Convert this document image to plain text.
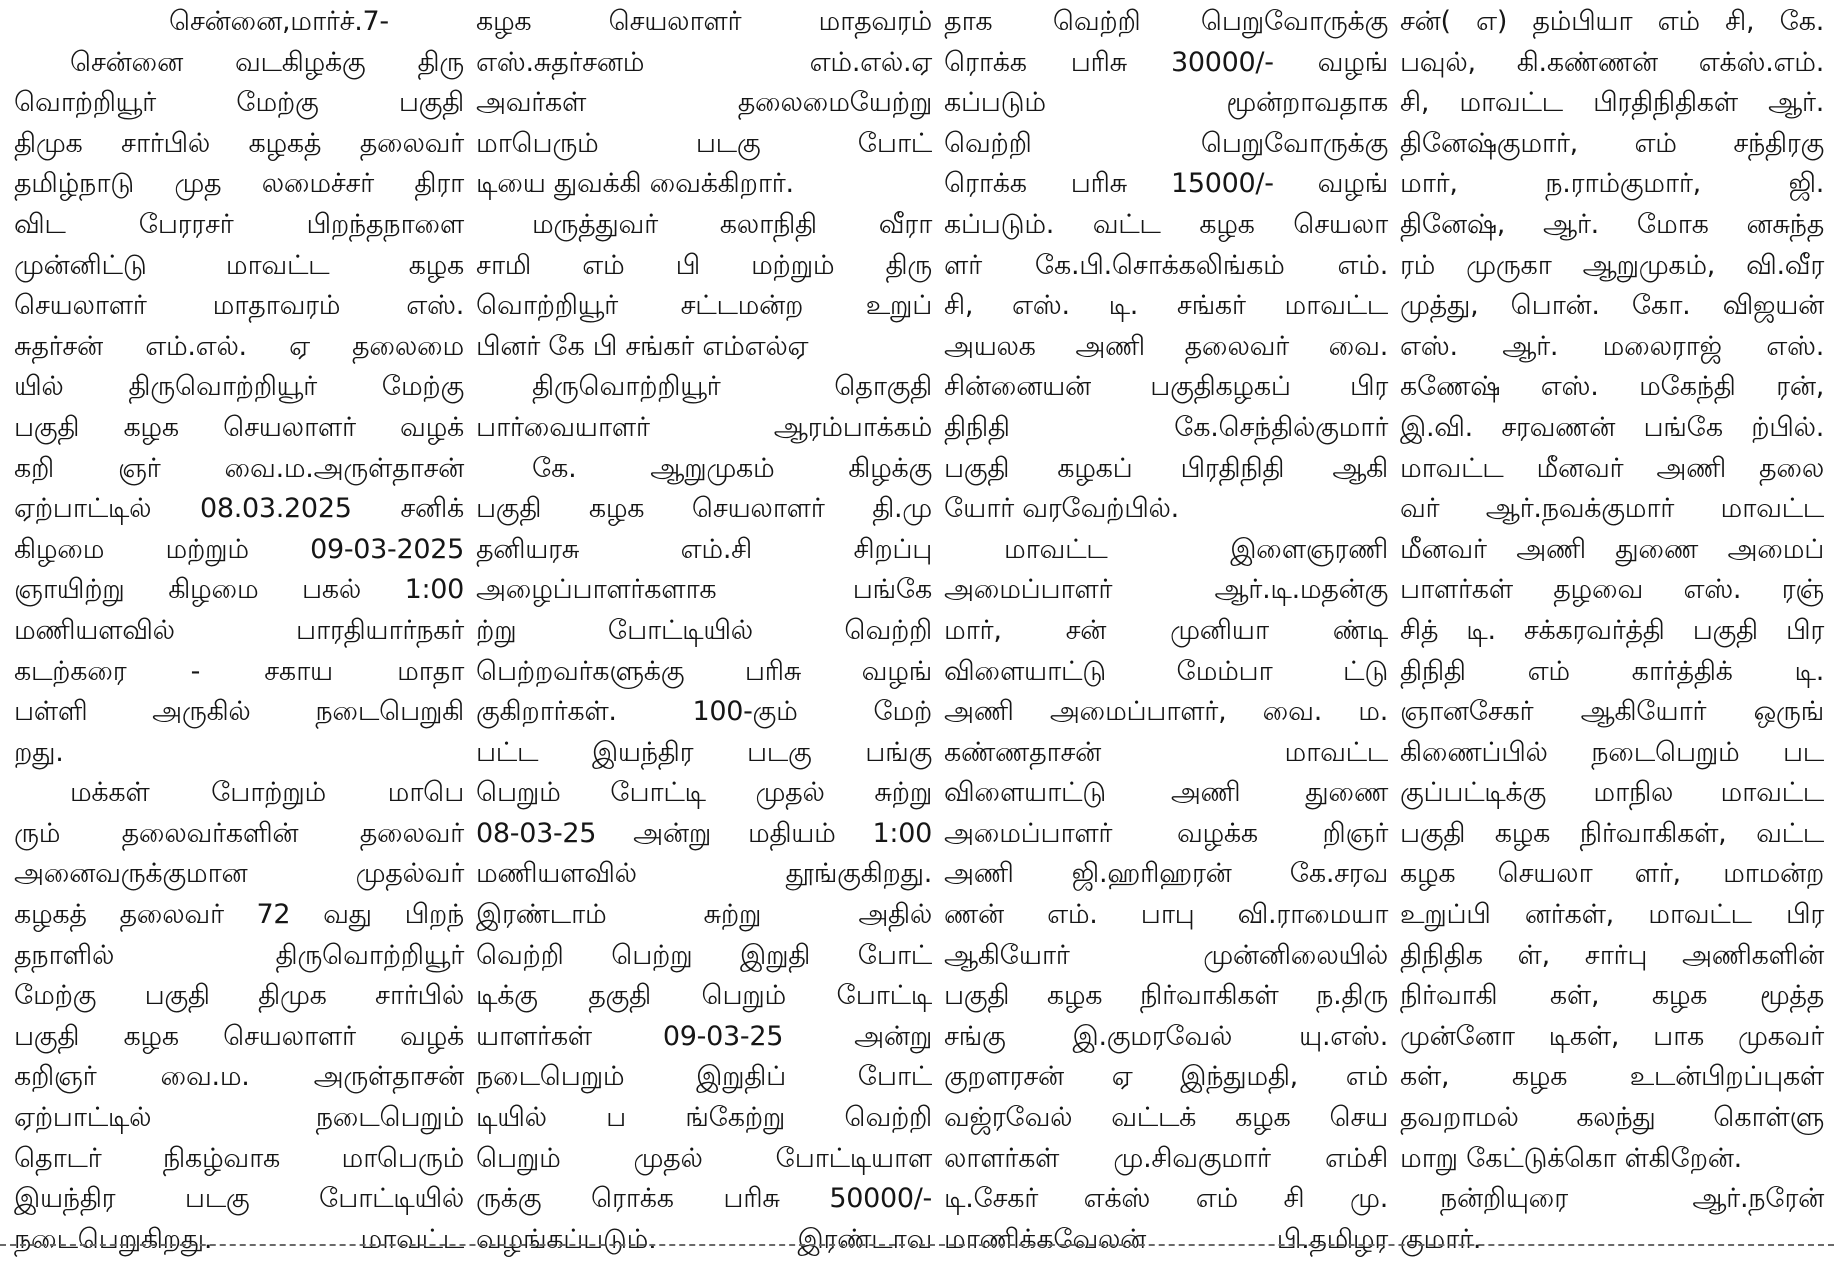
சென்னை,மார்ச்.7-
சென்னை வடகிழக்கு திரு
வொற்றியூர் மேற்கு பகுதி
திமுக சார்பில் கழகத் தலைவர்
தமிழ்நாடு முத லமைச்சர் திரா
விட பேரரசர் பிறந்தநாளை
முன்னிட்டு மாவட்ட கழக
செயலாளர் மாதாவரம் எஸ்.
சுதர்சன் எம்.எல். ஏ தலைமை
யில் திருவொற்றியூர் மேற்கு
பகுதி கழக செயலாளர் வழக்
கறி ஞர் வை.ம.அருள்தாசன்
ஏற்பாட்டில் 08.03.2025 சனிக்
கிழமை மற்றும் 09-03-2025
ஞாயிற்று கிழமை பகல் 1:00
மணியளவில் பாரதியார்நகர்
கடற்கரை - சகாய மாதா
பள்ளி அருகில் நடைபெறுகி
றது.
மக்கள் போற்றும் மாபெ
ரும் தலைவர்களின் தலைவர்
அனைவருக்குமான முதல்வர்
கழகத் தலைவர் 72 வது பிறந்
தநாளில் திருவொற்றியூர்
மேற்கு பகுதி திமுக சார்பில்
பகுதி கழக செயலாளர் வழக்
கறிஞர் வை.ம. அருள்தாசன்
ஏற்பாட்டில் நடைபெறும்
தொடர் நிகழ்வாக மாபெரும்
இயந்திர படகு போட்டியில்
நடைபெறுகிறது. மாவட்ட
கழக செயலாளர் மாதவரம்
எஸ்.சுதர்சனம் எம்.எல்.ஏ
அவர்கள் தலைமையேற்று
மாபெரும் படகு போட்
டியை துவக்கி வைக்கிறார்.
மருத்துவர் கலாநிதி வீரா
சாமி எம் பி மற்றும் திரு
வொற்றியூர் சட்டமன்ற உறுப்
பினர் கே பி சங்கர் எம்எல்ஏ
திருவொற்றியூர் தொகுதி
பார்வையாளர் ஆரம்பாக்கம்
கே. ஆறுமுகம் கிழக்கு
பகுதி கழக செயலாளர் தி.மு
தனியரசு எம்.சி சிறப்பு
அழைப்பாளர்களாக பங்கே
ற்று போட்டியில் வெற்றி
பெற்றவர்களுக்கு பரிசு வழங்
குகிறார்கள். 100-கும் மேற்
பட்ட இயந்திர படகு பங்கு
பெறும் போட்டி முதல் சுற்று
08-03-25 அன்று மதியம் 1:00
மணியளவில் தூங்குகிறது.
இரண்டாம் சுற்று அதில்
வெற்றி பெற்று இறுதி போட்
டிக்கு தகுதி பெறும் போட்டி
யாளர்கள் 09-03-25 அன்று
நடைபெறும் இறுதிப் போட்
டியில் ப ங்கேற்று வெற்றி
பெறும் முதல் போட்டியாள
ருக்கு ரொக்க பரிசு 50000/-
வழங்கப்படும். இரண்டாவ
தாக வெற்றி பெறுவோருக்கு
ரொக்க பரிசு 30000/- வழங்
கப்படும் மூன்றாவதாக
வெற்றி பெறுவோருக்கு
ரொக்க பரிசு 15000/- வழங்
கப்படும். வட்ட கழக செயலா
ளர் கே.பி.சொக்கலிங்கம் எம்.
சி, எஸ். டி. சங்கர் மாவட்ட
அயலக அணி தலைவர் வை.
சின்னையன் பகுதிகழகப் பிர
திநிதி கே.செந்தில்குமார்
பகுதி கழகப் பிரதிநிதி ஆகி
யோர் வரவேற்பில்.
மாவட்ட இளைஞரணி
அமைப்பாளர் ஆர்.டி.மதன்கு
மார், சன் முனியா ண்டி
விளையாட்டு மேம்பா ட்டு
அணி அமைப்பாளர், வை. ம.
கண்ணதாசன் மாவட்ட
விளையாட்டு அணி துணை
அமைப்பாளர் வழக்க றிஞர்
அணி ஜி.ஹரிஹரன் கே.சரவ
ணன் எம். பாபு வி.ராமையா
ஆகியோர் முன்னிலையில்
பகுதி கழக நிர்வாகிகள் ந.திரு
சங்கு இ.குமரவேல் யு.எஸ்.
குறளரசன் ஏ இந்துமதி, எம்
வஜ்ரவேல் வட்டக் கழக செய
லாளர்கள் மு.சிவகுமார் எம்சி
டி.சேகர் எக்ஸ் எம் சி மு.
மாணிக்கவேலன் பி.தமிழர
சன்( எ) தம்பியா எம் சி, கே.
பவுல், கி.கண்ணன் எக்ஸ்.எம்.
சி, மாவட்ட பிரதிநிதிகள் ஆர்.
தினேஷ்குமார், எம் சந்திரகு
மார், ந.ராம்குமார், ஜி.
தினேஷ், ஆர். மோக னசுந்த
ரம் முருகா ஆறுமுகம், வி.வீர
முத்து, பொன். கோ. விஜயன்
எஸ். ஆர். மலைராஜ் எஸ்.
கணேஷ் எஸ். மகேந்தி ரன்,
இ.வி. சரவணன் பங்கே ற்பில்.
மாவட்ட மீனவர் அணி தலை
வர் ஆர்.நவக்குமார் மாவட்ட
மீனவர் அணி துணை அமைப்
பாளர்கள் தழவை எஸ். ரஞ்
சித் டி. சக்கரவர்த்தி பகுதி பிர
திநிதி எம் கார்த்திக் டி.
ஞானசேகர் ஆகியோர் ஒருங்
கிணைப்பில் நடைபெறும் பட
குப்பட்டிக்கு மாநில மாவட்ட
பகுதி கழக நிர்வாகிகள், வட்ட
கழக செயலா ளர், மாமன்ற
உறுப்பி னர்கள், மாவட்ட பிர
திநிதிக ள், சார்பு அணிகளின்
நிர்வாகி கள், கழக மூத்த
முன்னோ டிகள், பாக முகவர்
கள், கழக உடன்பிறப்புகள்
தவறாமல் கலந்து கொள்ளு
மாறு கேட்டுக்கொ ள்கிறேன்.
நன்றியுரை ஆர்.நரேன்
குமார்.
